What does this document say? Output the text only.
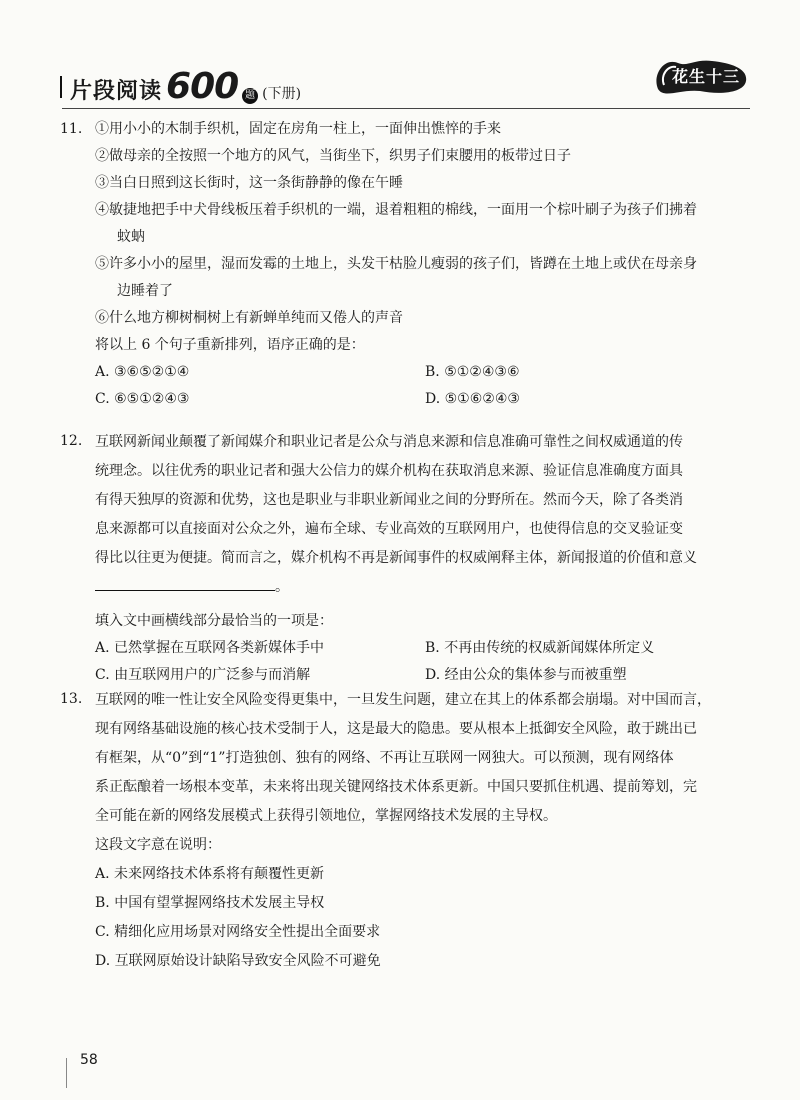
片段阅读 600 题 (下册)
花生十三
11. ①用小小的木制手织机，固定在房角一柱上，一面伸出憔悴的手来
②做母亲的全按照一个地方的风气，当街坐下，织男子们束腰用的板带过日子
③当白日照到这长街时，这一条街静静的像在午睡
④敏捷地把手中犬骨线板压着手织机的一端，退着粗粗的棉线，一面用一个棕叶刷子为孩子们拂着
蚊蚋
⑤许多小小的屋里，湿而发霉的土地上，头发干枯脸儿瘦弱的孩子们，皆蹲在土地上或伏在母亲身
边睡着了
⑥什么地方柳树桐树上有新蝉单纯而又倦人的声音
将以上 6 个句子重新排列，语序正确的是：
A. ③⑥⑤②①④	B. ⑤①②④③⑥
C. ⑥⑤①②④③	D. ⑤①⑥②④③
12. 互联网新闻业颠覆了新闻媒介和职业记者是公众与消息来源和信息准确可靠性之间权威通道的传
统理念。以往优秀的职业记者和强大公信力的媒介机构在获取消息来源、验证信息准确度方面具
有得天独厚的资源和优势，这也是职业与非职业新闻业之间的分野所在。然而今天，除了各类消
息来源都可以直接面对公众之外，遍布全球、专业高效的互联网用户，也使得信息的交叉验证变
得比以往更为便捷。简而言之，媒介机构不再是新闻事件的权威阐释主体，新闻报道的价值和意义
。
填入文中画横线部分最恰当的一项是：
A. 已然掌握在互联网各类新媒体手中	B. 不再由传统的权威新闻媒体所定义
C. 由互联网用户的广泛参与而消解	D. 经由公众的集体参与而被重塑
13. 互联网的唯一性让安全风险变得更集中，一旦发生问题，建立在其上的体系都会崩塌。对中国而言，
现有网络基础设施的核心技术受制于人，这是最大的隐患。要从根本上抵御安全风险，敢于跳出已
有框架，从“0”到“1”打造独创、独有的网络、不再让互联网一网独大。可以预测，现有网络体
系正酝酿着一场根本变革，未来将出现关键网络技术体系更新。中国只要抓住机遇、提前筹划，完
全可能在新的网络发展模式上获得引领地位，掌握网络技术发展的主导权。
这段文字意在说明：
A. 未来网络技术体系将有颠覆性更新
B. 中国有望掌握网络技术发展主导权
C. 精细化应用场景对网络安全性提出全面要求
D. 互联网原始设计缺陷导致安全风险不可避免
58
